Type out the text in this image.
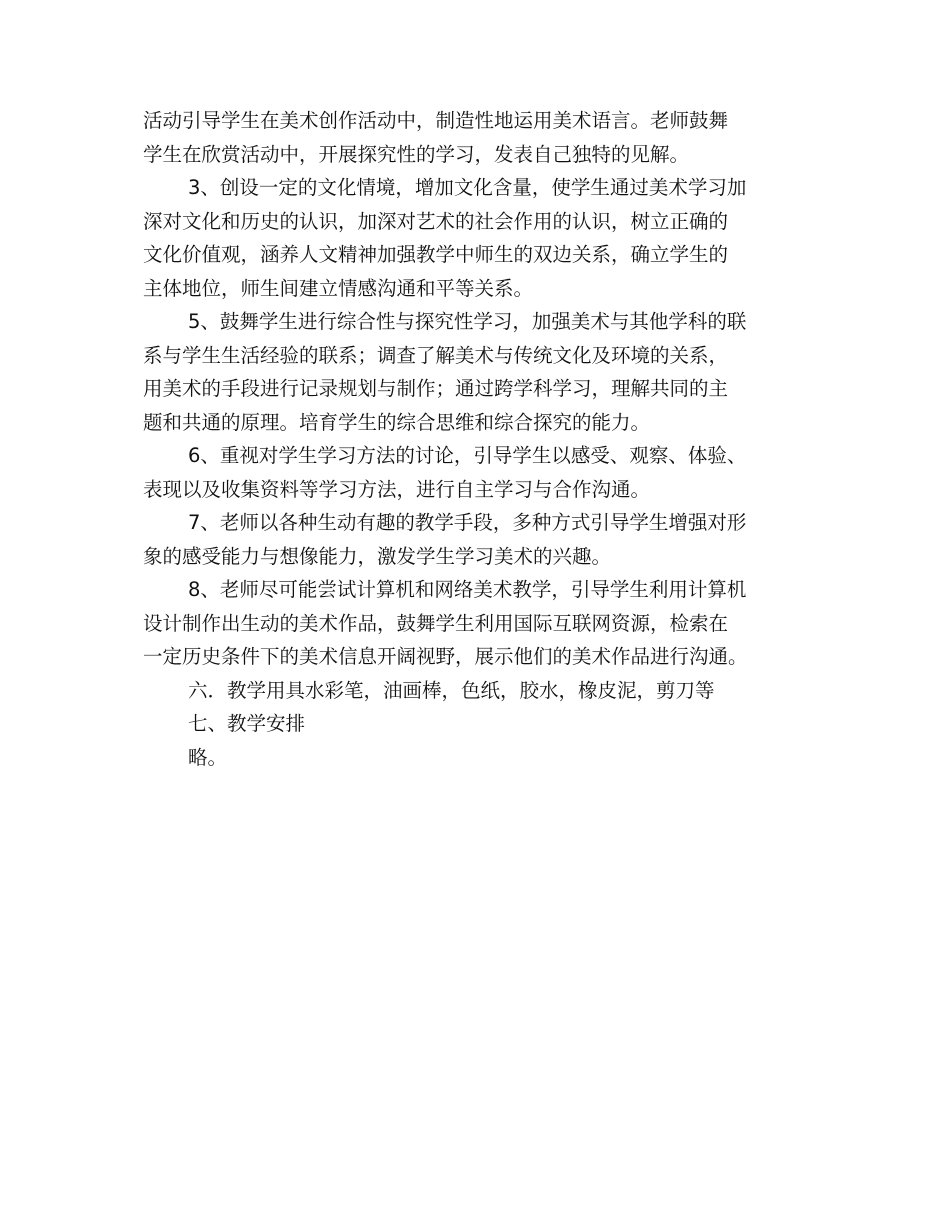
活动引导学生在美术创作活动中，制造性地运用美术语言。老师鼓舞
学生在欣赏活动中，开展探究性的学习，发表自己独特的见解。
3、创设一定的文化情境，增加文化含量，使学生通过美术学习加
深对文化和历史的认识，加深对艺术的社会作用的认识，树立正确的
文化价值观，涵养人文精神加强教学中师生的双边关系，确立学生的
主体地位，师生间建立情感沟通和平等关系。
5、鼓舞学生进行综合性与探究性学习，加强美术与其他学科的联
系与学生生活经验的联系；调查了解美术与传统文化及环境的关系，
用美术的手段进行记录规划与制作；通过跨学科学习，理解共同的主
题和共通的原理。培育学生的综合思维和综合探究的能力。
6、重视对学生学习方法的讨论，引导学生以感受、观察、体验、
表现以及收集资料等学习方法，进行自主学习与合作沟通。
7、老师以各种生动有趣的教学手段，多种方式引导学生增强对形
象的感受能力与想像能力，激发学生学习美术的兴趣。
8、老师尽可能尝试计算机和网络美术教学，引导学生利用计算机
设计制作出生动的美术作品，鼓舞学生利用国际互联网资源，检索在
一定历史条件下的美术信息开阔视野，展示他们的美术作品进行沟通。
六．教学用具水彩笔，油画棒，色纸，胶水，橡皮泥，剪刀等
七、教学安排
略。
